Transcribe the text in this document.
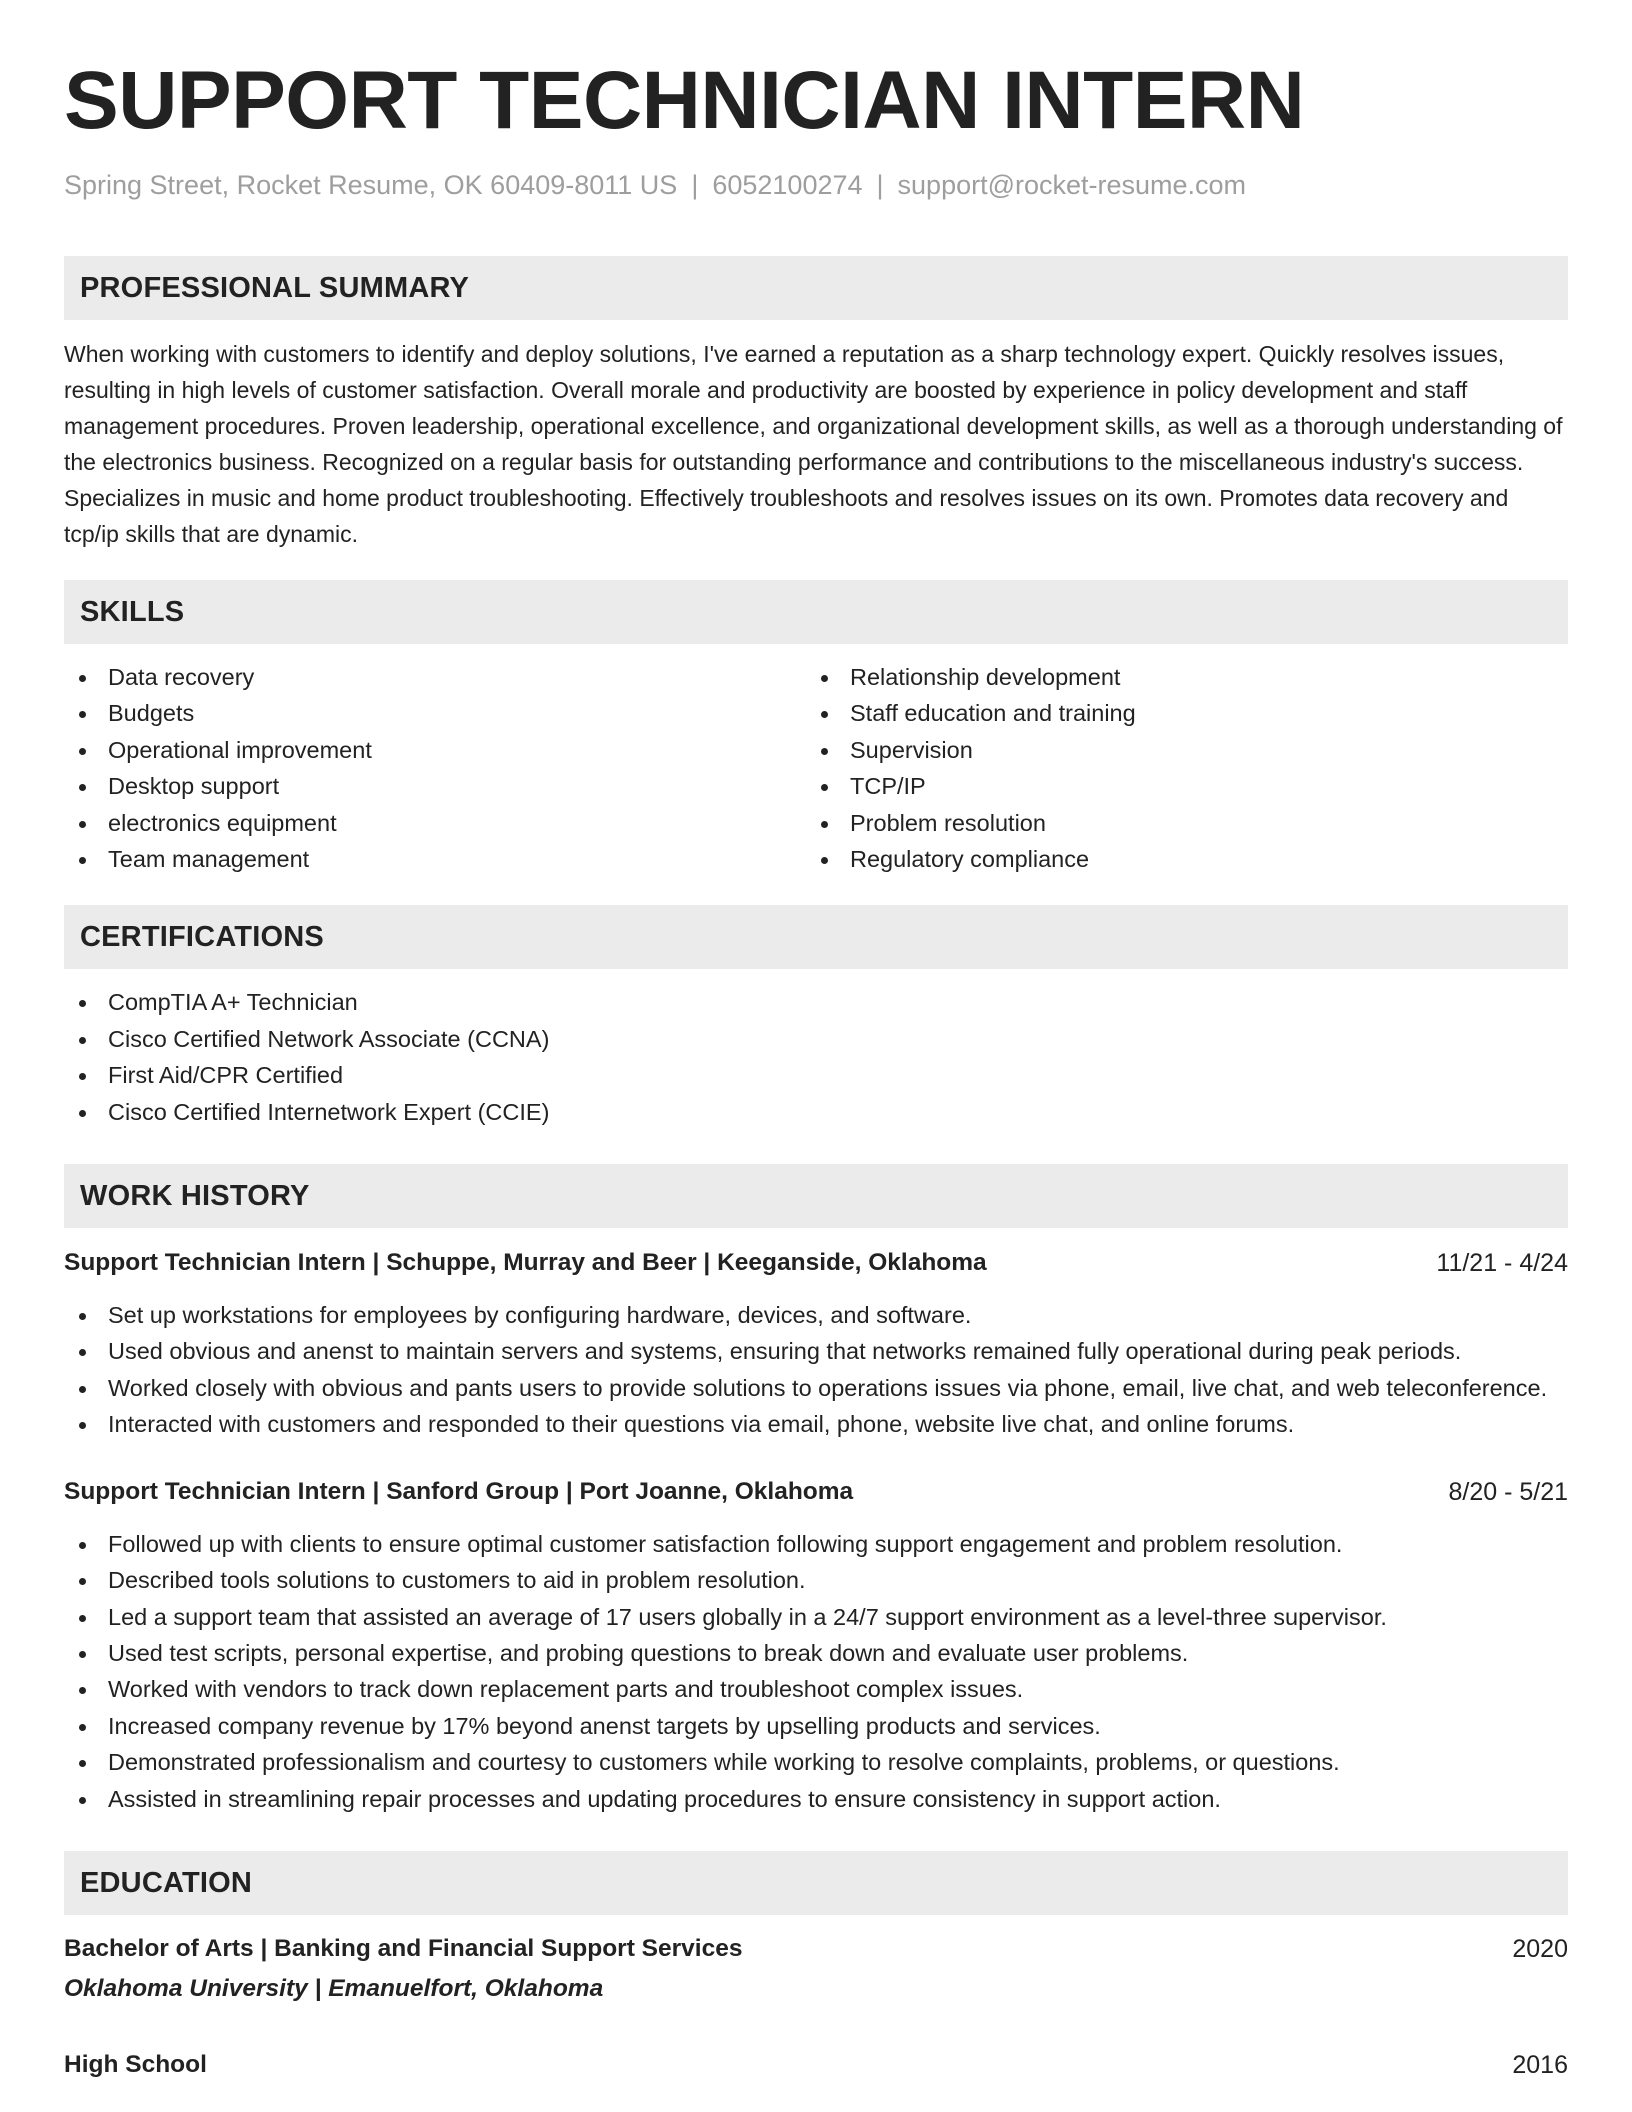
SUPPORT TECHNICIAN INTERN
Spring Street, Rocket Resume, OK 60409-8011 US | 6052100274 | support@rocket-resume.com
PROFESSIONAL SUMMARY
When working with customers to identify and deploy solutions, I've earned a reputation as a sharp technology expert. Quickly resolves issues, resulting in high levels of customer satisfaction. Overall morale and productivity are boosted by experience in policy development and staff management procedures. Proven leadership, operational excellence, and organizational development skills, as well as a thorough understanding of the electronics business. Recognized on a regular basis for outstanding performance and contributions to the miscellaneous industry's success. Specializes in music and home product troubleshooting. Effectively troubleshoots and resolves issues on its own. Promotes data recovery and tcp/ip skills that are dynamic.
SKILLS
Data recovery
Budgets
Operational improvement
Desktop support
electronics equipment
Team management
Relationship development
Staff education and training
Supervision
TCP/IP
Problem resolution
Regulatory compliance
CERTIFICATIONS
CompTIA A+ Technician
Cisco Certified Network Associate (CCNA)
First Aid/CPR Certified
Cisco Certified Internetwork Expert (CCIE)
WORK HISTORY
Support Technician Intern | Schuppe, Murray and Beer | Keeganside, Oklahoma	11/21 - 4/24
Set up workstations for employees by configuring hardware, devices, and software.
Used obvious and anenst to maintain servers and systems, ensuring that networks remained fully operational during peak periods.
Worked closely with obvious and pants users to provide solutions to operations issues via phone, email, live chat, and web teleconference.
Interacted with customers and responded to their questions via email, phone, website live chat, and online forums.
Support Technician Intern | Sanford Group | Port Joanne, Oklahoma	8/20 - 5/21
Followed up with clients to ensure optimal customer satisfaction following support engagement and problem resolution.
Described tools solutions to customers to aid in problem resolution.
Led a support team that assisted an average of 17 users globally in a 24/7 support environment as a level-three supervisor.
Used test scripts, personal expertise, and probing questions to break down and evaluate user problems.
Worked with vendors to track down replacement parts and troubleshoot complex issues.
Increased company revenue by 17% beyond anenst targets by upselling products and services.
Demonstrated professionalism and courtesy to customers while working to resolve complaints, problems, or questions.
Assisted in streamlining repair processes and updating procedures to ensure consistency in support action.
EDUCATION
Bachelor of Arts | Banking and Financial Support Services	2020
Oklahoma University | Emanuelfort, Oklahoma
High School	2016
